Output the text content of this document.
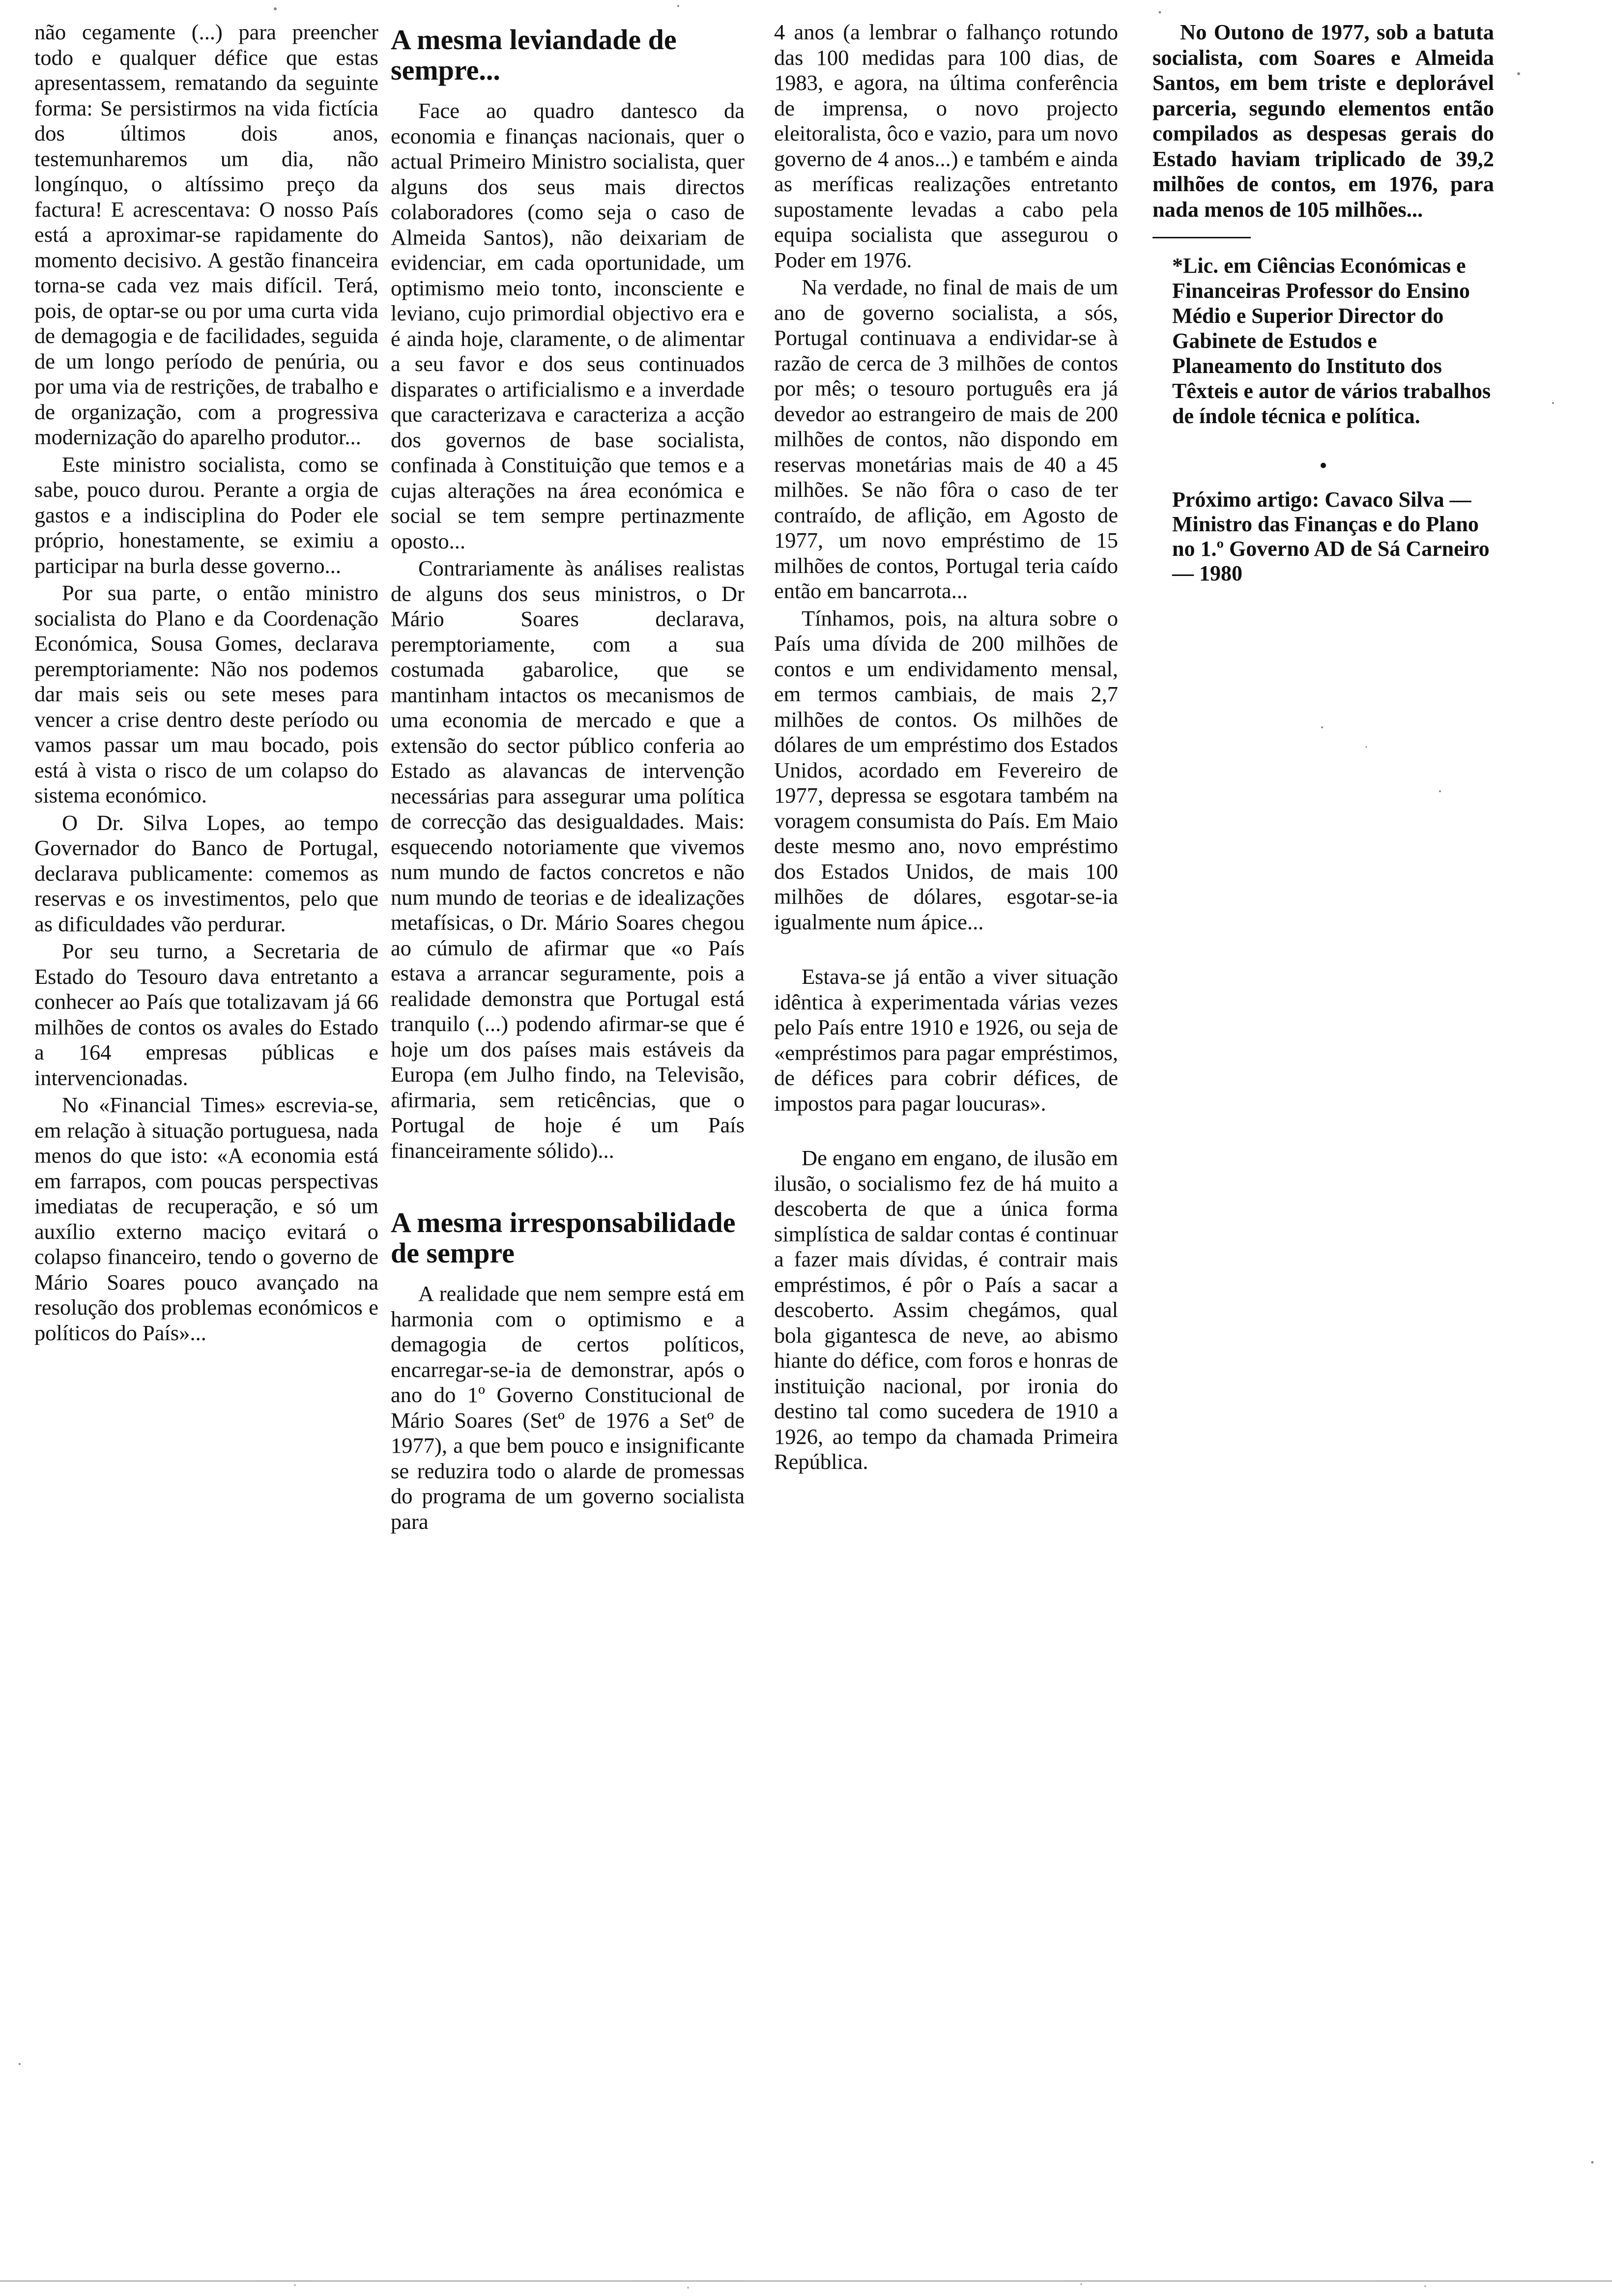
não cegamente (...) para preencher todo e qualquer défice que estas apresentassem, rematando da seguinte forma: Se persistirmos na vida fictícia dos últimos dois anos, testemunharemos um dia, não longínquo, o altíssimo preço da factura! E acrescentava: O nosso País está a aproximar-se rapidamente do momento decisivo. A gestão financeira torna-se cada vez mais difícil. Terá, pois, de optar-se ou por uma curta vida de demagogia e de facilidades, seguida de um longo período de penúria, ou por uma via de restrições, de trabalho e de organização, com a progressiva modernização do aparelho produtor...

Este ministro socialista, como se sabe, pouco durou. Perante a orgia de gastos e a indisciplina do Poder ele próprio, honestamente, se eximiu a participar na burla desse governo...

Por sua parte, o então ministro socialista do Plano e da Coordenação Económica, Sousa Gomes, declarava peremptoriamente: Não nos podemos dar mais seis ou sete meses para vencer a crise dentro deste período ou vamos passar um mau bocado, pois está à vista o risco de um colapso do sistema económico.

O Dr. Silva Lopes, ao tempo Governador do Banco de Portugal, declarava publicamente: comemos as reservas e os investimentos, pelo que as dificuldades vão perdurar.

Por seu turno, a Secretaria de Estado do Tesouro dava entretanto a conhecer ao País que totalizavam já 66 milhões de contos os avales do Estado a 164 empresas públicas e intervencionadas.

No «Financial Times» escrevia-se, em relação à situação portuguesa, nada menos do que isto: «A economia está em farrapos, com poucas perspectivas imediatas de recuperação, e só um auxílio externo maciço evitará o colapso financeiro, tendo o governo de Mário Soares pouco avançado na resolução dos problemas económicos e políticos do País»...

A mesma leviandade de sempre...

Face ao quadro dantesco da economia e finanças nacionais, quer o actual Primeiro Ministro socialista, quer alguns dos seus mais directos colaboradores (como seja o caso de Almeida Santos), não deixariam de evidenciar, em cada oportunidade, um optimismo meio tonto, inconsciente e leviano, cujo primordial objectivo era e é ainda hoje, claramente, o de alimentar a seu favor e dos seus continuados disparates o artificialismo e a inverdade que caracterizava e caracteriza a acção dos governos de base socialista, confinada à Constituição que temos e a cujas alterações na área económica e social se tem sempre pertinazmente oposto...

Contrariamente às análises realistas de alguns dos seus ministros, o Dr Mário Soares declarava, peremptoriamente, com a sua costumada gabarolice, que se mantinham intactos os mecanismos de uma economia de mercado e que a extensão do sector público conferia ao Estado as alavancas de intervenção necessárias para assegurar uma política de correcção das desigualdades. Mais: esquecendo notoriamente que vivemos num mundo de factos concretos e não num mundo de teorias e de idealizações metafísicas, o Dr. Mário Soares chegou ao cúmulo de afirmar que «o País estava a arrancar seguramente, pois a realidade demonstra que Portugal está tranquilo (...) podendo afirmar-se que é hoje um dos países mais estáveis da Europa (em Julho findo, na Televisão, afirmaria, sem reticências, que o Portugal de hoje é um País financeiramente sólido)...

A mesma irresponsabilidade de sempre

A realidade que nem sempre está em harmonia com o optimismo e a demagogia de certos políticos, encarregar-se-ia de demonstrar, após o ano do 1º Governo Constitucional de Mário Soares (Setº de 1976 a Setº de 1977), a que bem pouco e insignificante se reduzira todo o alarde de promessas do programa de um governo socialista para

4 anos (a lembrar o falhanço rotundo das 100 medidas para 100 dias, de 1983, e agora, na última conferência de imprensa, o novo projecto eleitoralista, ôco e vazio, para um novo governo de 4 anos...) e também e ainda as meríficas realizações entretanto supostamente levadas a cabo pela equipa socialista que assegurou o Poder em 1976.

Na verdade, no final de mais de um ano de governo socialista, a sós, Portugal continuava a endividar-se à razão de cerca de 3 milhões de contos por mês; o tesouro português era já devedor ao estrangeiro de mais de 200 milhões de contos, não dispondo em reservas monetárias mais de 40 a 45 milhões. Se não fôra o caso de ter contraído, de aflição, em Agosto de 1977, um novo empréstimo de 15 milhões de contos, Portugal teria caído então em bancarrota...

Tínhamos, pois, na altura sobre o País uma dívida de 200 milhões de contos e um endividamento mensal, em termos cambiais, de mais 2,7 milhões de contos. Os milhões de dólares de um empréstimo dos Estados Unidos, acordado em Fevereiro de 1977, depressa se esgotara também na voragem consumista do País. Em Maio deste mesmo ano, novo empréstimo dos Estados Unidos, de mais 100 milhões de dólares, esgotar-se-ia igualmente num ápice...

Estava-se já então a viver situação idêntica à experimentada várias vezes pelo País entre 1910 e 1926, ou seja de «empréstimos para pagar empréstimos, de défices para cobrir défices, de impostos para pagar loucuras».

De engano em engano, de ilusão em ilusão, o socialismo fez de há muito a descoberta de que a única forma simplística de saldar contas é continuar a fazer mais dívidas, é contrair mais empréstimos, é pôr o País a sacar a descoberto. Assim chegámos, qual bola gigantesca de neve, ao abismo hiante do défice, com foros e honras de instituição nacional, por ironia do destino tal como sucedera de 1910 a 1926, ao tempo da chamada Primeira República.

No Outono de 1977, sob a batuta socialista, com Soares e Almeida Santos, em bem triste e deplorável parceria, segundo elementos então compilados as despesas gerais do Estado haviam triplicado de 39,2 milhões de contos, em 1976, para nada menos de 105 milhões...

*Lic. em Ciências Económicas e Financeiras Professor do Ensino Médio e Superior Director do Gabinete de Estudos e Planeamento do Instituto dos Têxteis e autor de vários trabalhos de índole técnica e política.

•

Próximo artigo: Cavaco Silva — Ministro das Finanças e do Plano no 1.º Governo AD de Sá Carneiro — 1980
